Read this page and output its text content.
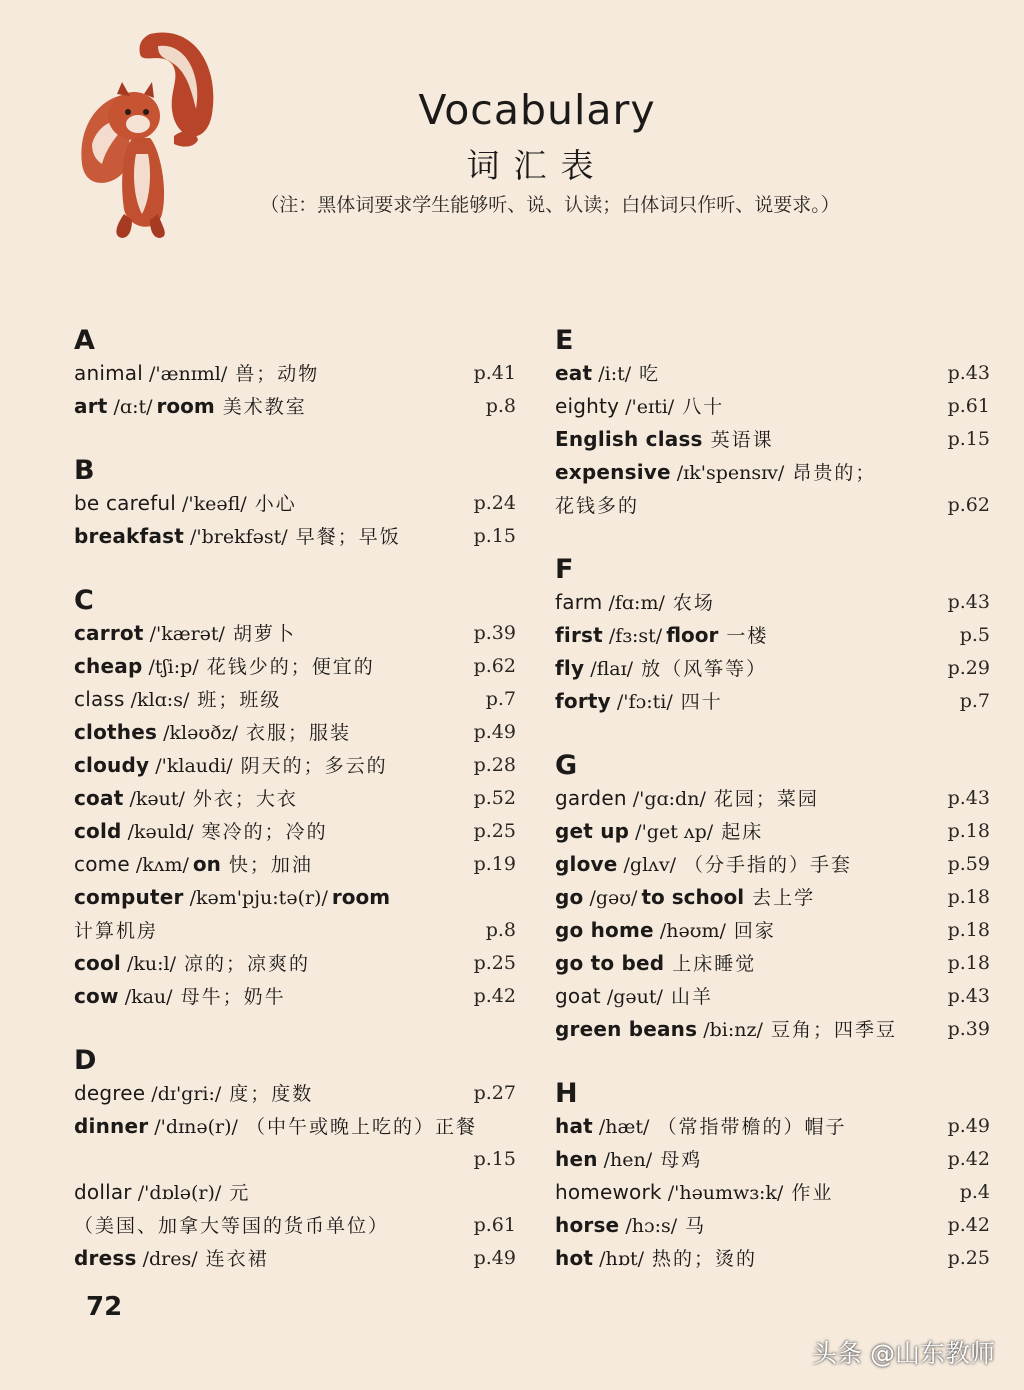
Vocabulary
词汇表
（注：黑体词要求学生能够听、说、认读；白体词只作听、说要求。）
A
animal /'ænɪml/ 兽；动物	p.41
art /ɑ:t/ room 美术教室	p.8
B
be careful /'keəfl/ 小心	p.24
breakfast /'brekfəst/ 早餐；早饭	p.15
C
carrot /'kærət/ 胡萝卜	p.39
cheap /tʃi:p/ 花钱少的；便宜的	p.62
class /klɑ:s/ 班；班级	p.7
clothes /kləʊðz/ 衣服；服装	p.49
cloudy /'klaudi/ 阴天的；多云的	p.28
coat /kəut/ 外衣；大衣	p.52
cold /kəuld/ 寒冷的；冷的	p.25
come /kʌm/ on 快；加油	p.19
computer /kəm'pju:tə(r)/ room
计算机房	p.8
cool /ku:l/ 凉的；凉爽的	p.25
cow /kau/ 母牛；奶牛	p.42
D
degree /dɪ'gri:/ 度；度数	p.27
dinner /'dɪnə(r)/ （中午或晚上吃的）正餐
p.15
dollar /'dɒlə(r)/ 元
（美国、加拿大等国的货币单位）	p.61
dress /dres/ 连衣裙	p.49
E
eat /i:t/ 吃	p.43
eighty /'eɪti/ 八十	p.61
English class 英语课	p.15
expensive /ɪk'spensɪv/ 昂贵的；
花钱多的	p.62
F
farm /fɑ:m/ 农场	p.43
first /fɜ:st/ floor 一楼	p.5
fly /flaɪ/ 放（风筝等）	p.29
forty /'fɔ:ti/ 四十	p.7
G
garden /'gɑ:dn/ 花园；菜园	p.43
get up /'get ʌp/ 起床	p.18
glove /glʌv/ （分手指的）手套	p.59
go /gəʊ/ to school 去上学	p.18
go home /həʊm/ 回家	p.18
go to bed 上床睡觉	p.18
goat /gəut/ 山羊	p.43
green beans /bi:nz/ 豆角；四季豆	p.39
H
hat /hæt/ （常指带檐的）帽子	p.49
hen /hen/ 母鸡	p.42
homework /'həumwɜ:k/ 作业	p.4
horse /hɔ:s/ 马	p.42
hot /hɒt/ 热的；烫的	p.25
72
头条 @山东教师
